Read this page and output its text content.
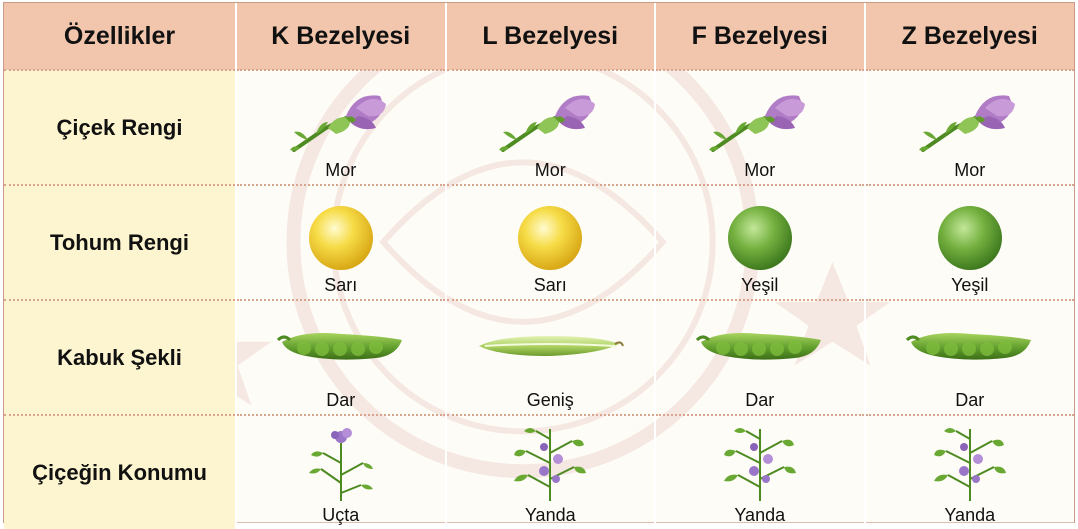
Özellikler	K Bezelyesi	L Bezelyesi	F Bezelyesi	Z Bezelyesi
Çiçek Rengi	Mor	Mor	Mor	Mor

Tohum Rengi	Sarı	Sarı	Yeşil	Yeşil

Kabuk Şekli	Dar	Geniş	Dar	Dar

Çiçeğin Konumu	Uçta	Yanda	Yanda	Yanda
